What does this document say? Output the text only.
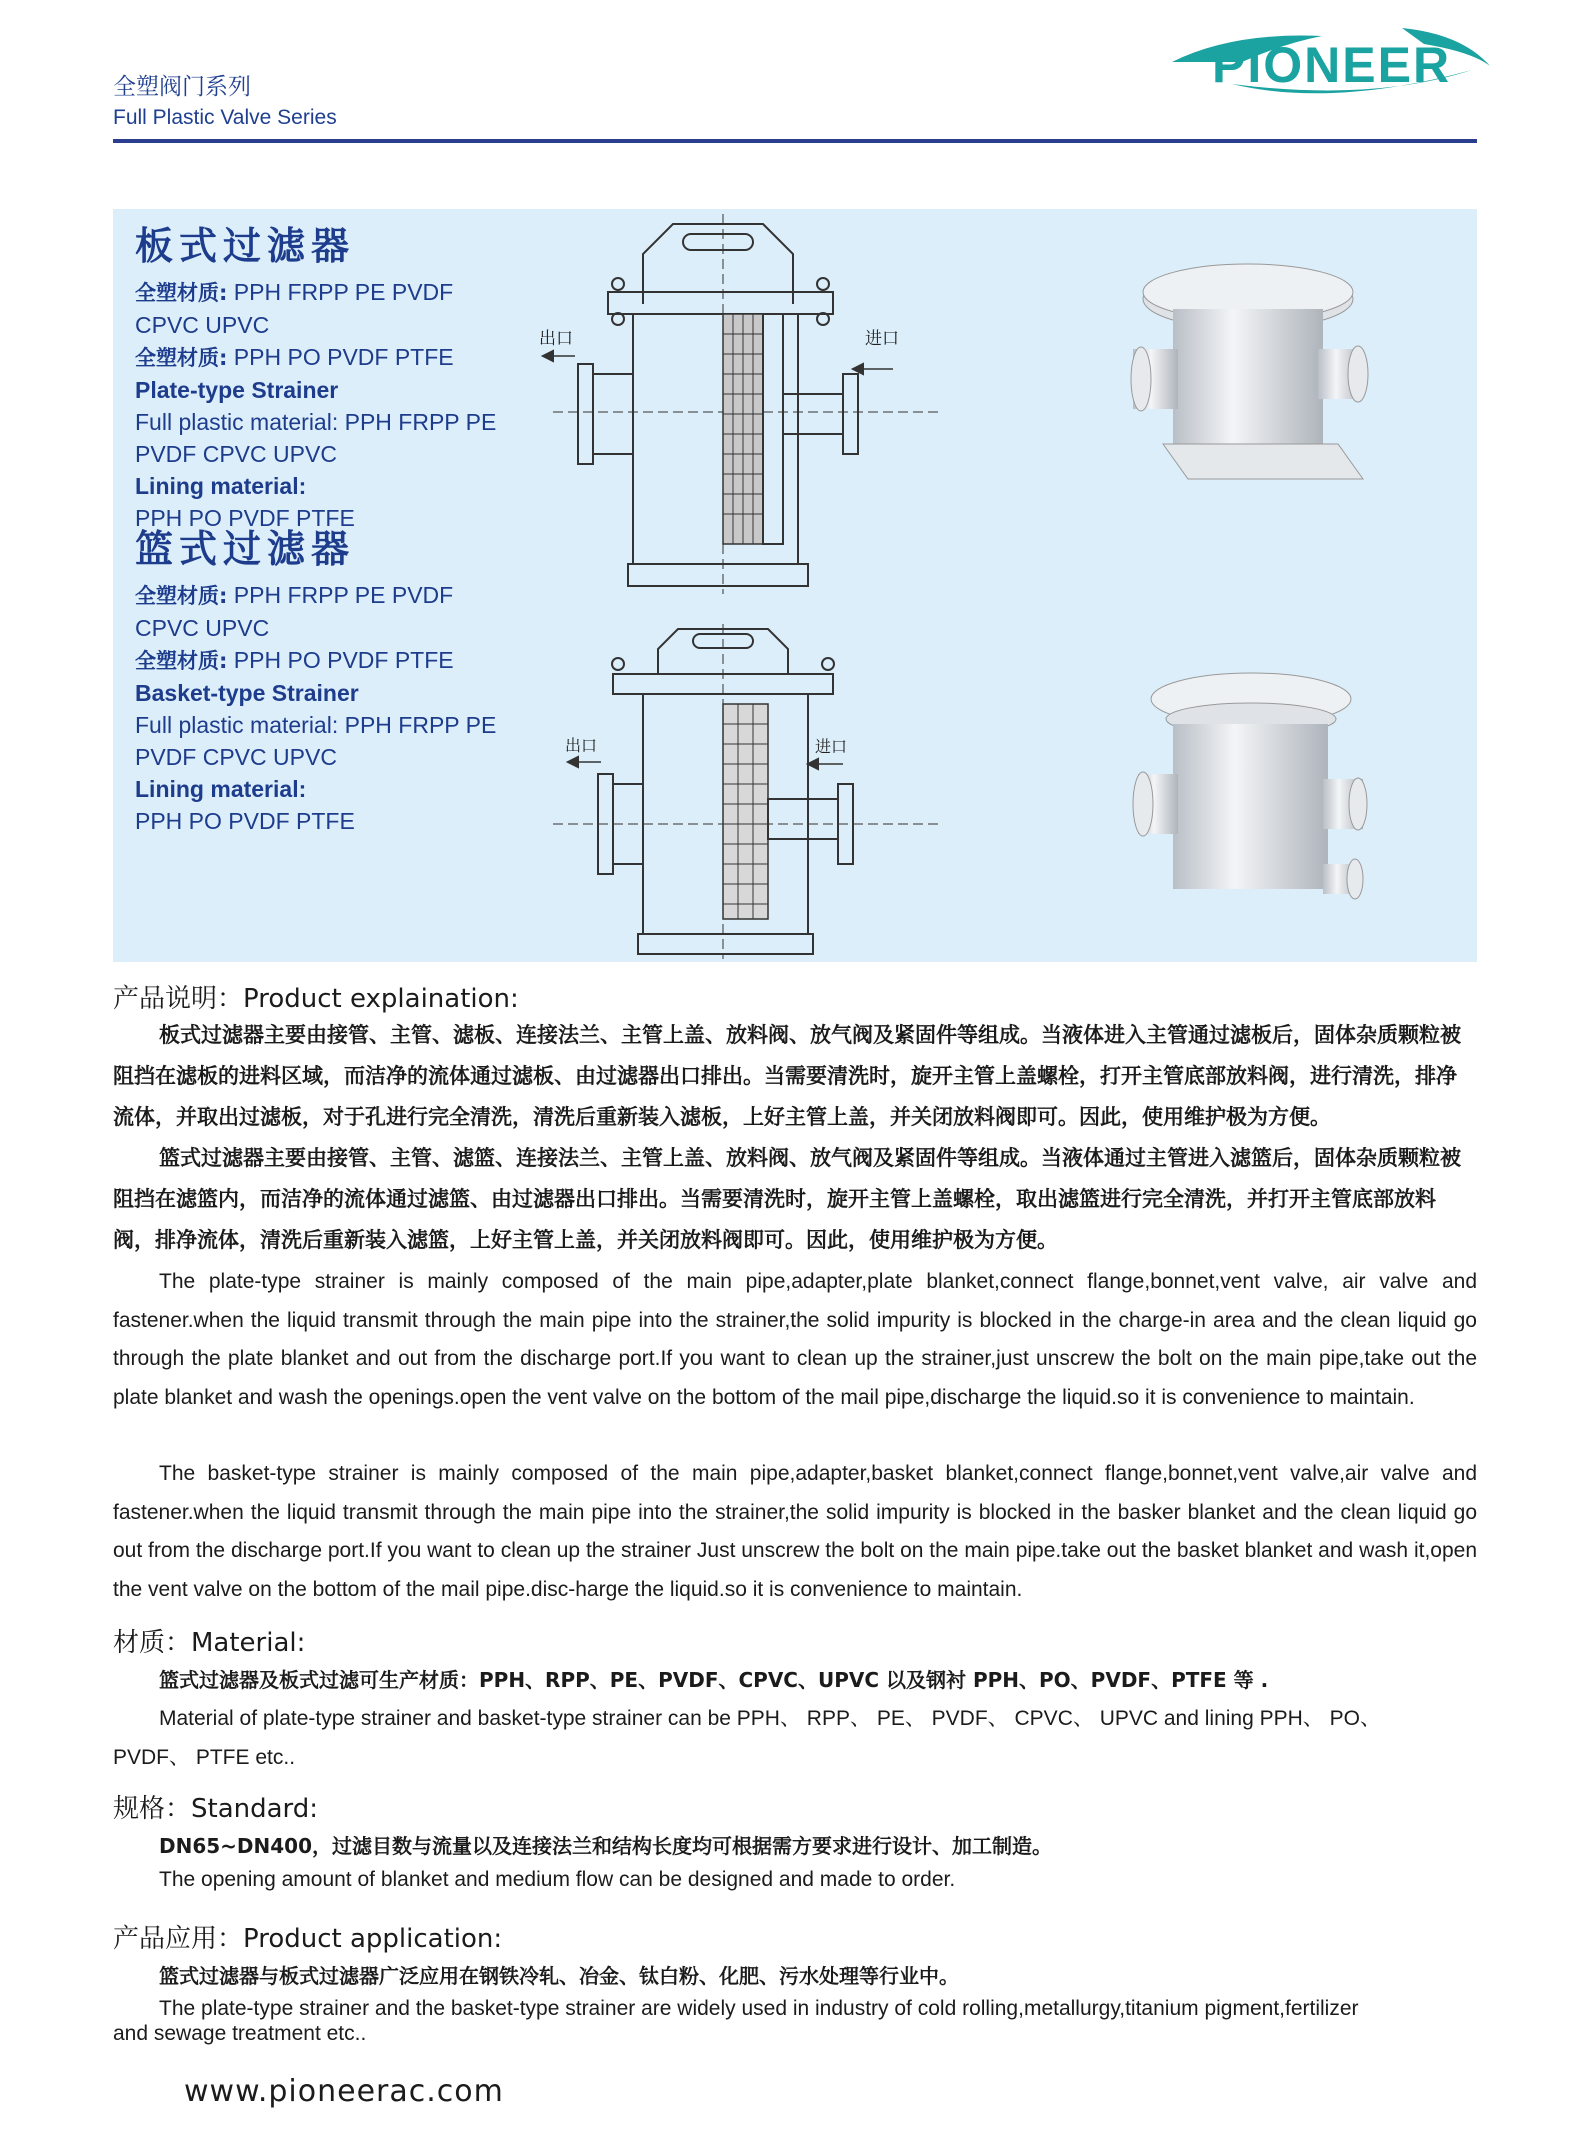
全塑阀门系列
Full Plastic Valve Series
PIONEER
板式过滤器
全塑材质: PPH FRPP PE PVDF
CPVC UPVC
全塑材质: PPH PO PVDF PTFE
Plate-type Strainer
Full plastic material: PPH FRPP PE
PVDF CPVC UPVC
Lining material:
PPH PO PVDF PTFE
出口	进口
篮式过滤器
全塑材质: PPH FRPP PE PVDF
CPVC UPVC
全塑材质: PPH PO PVDF PTFE
Basket-type Strainer
Full plastic material: PPH FRPP PE
PVDF CPVC UPVC
Lining material:
PPH PO PVDF PTFE
出口	进口
产品说明：Product explaination:
板式过滤器主要由接管、主管、滤板、连接法兰、主管上盖、放料阀、放气阀及紧固件等组成。当液体进入主管通过滤板后，固体杂质颗粒被阻挡在滤板的进料区域，而洁净的流体通过滤板、由过滤器出口排出。当需要清洗时，旋开主管上盖螺栓，打开主管底部放料阀，进行清洗，排净流体，并取出过滤板，对于孔进行完全清洗，清洗后重新装入滤板，上好主管上盖，并关闭放料阀即可。因此，使用维护极为方便。
篮式过滤器主要由接管、主管、滤篮、连接法兰、主管上盖、放料阀、放气阀及紧固件等组成。当液体通过主管进入滤篮后，固体杂质颗粒被阻挡在滤篮内，而洁净的流体通过滤篮、由过滤器出口排出。当需要清洗时，旋开主管上盖螺栓，取出滤篮进行完全清洗，并打开主管底部放料阀，排净流体，清洗后重新装入滤篮，上好主管上盖，并关闭放料阀即可。因此，使用维护极为方便。
The plate-type strainer is mainly composed of the main pipe,adapter,plate blanket,connect flange,bonnet,vent valve, air valve and fastener.when the liquid transmit through the main pipe into the strainer,the solid impurity is blocked in the charge-in area and the clean liquid go through the plate blanket and out from the discharge port.If you want to clean up the strainer,just unscrew the bolt on the main pipe,take out the plate blanket and wash the openings.open the vent valve on the bottom of the mail pipe,discharge the liquid.so it is convenience to maintain.
The basket-type strainer is mainly composed of the main pipe,adapter,basket blanket,connect flange,bonnet,vent valve,air valve and fastener.when the liquid transmit through the main pipe into the strainer,the solid impurity is blocked in the basker blanket and the clean liquid go out from the discharge port.If you want to clean up the strainer Just unscrew the bolt on the main pipe.take out the basket blanket and wash it,open the vent valve on the bottom of the mail pipe.disc-harge the liquid.so it is convenience to maintain.
材质：Material:
篮式过滤器及板式过滤可生产材质：PPH、RPP、PE、PVDF、CPVC、UPVC 以及钢衬 PPH、PO、PVDF、PTFE 等 .
Material of plate-type strainer and basket-type strainer can be PPH、 RPP、 PE、 PVDF、 CPVC、 UPVC and lining PPH、 PO、
PVDF、 PTFE etc..
规格：Standard:
DN65~DN400，过滤目数与流量以及连接法兰和结构长度均可根据需方要求进行设计、加工制造。
The opening amount of blanket and medium flow can be designed and made to order.
产品应用：Product application:
篮式过滤器与板式过滤器广泛应用在钢铁冷轧、冶金、钛白粉、化肥、污水处理等行业中。
The plate-type strainer and the basket-type strainer are widely used in industry of cold rolling,metallurgy,titanium pigment,fertilizer
and sewage treatment etc..
www.pioneerac.com
